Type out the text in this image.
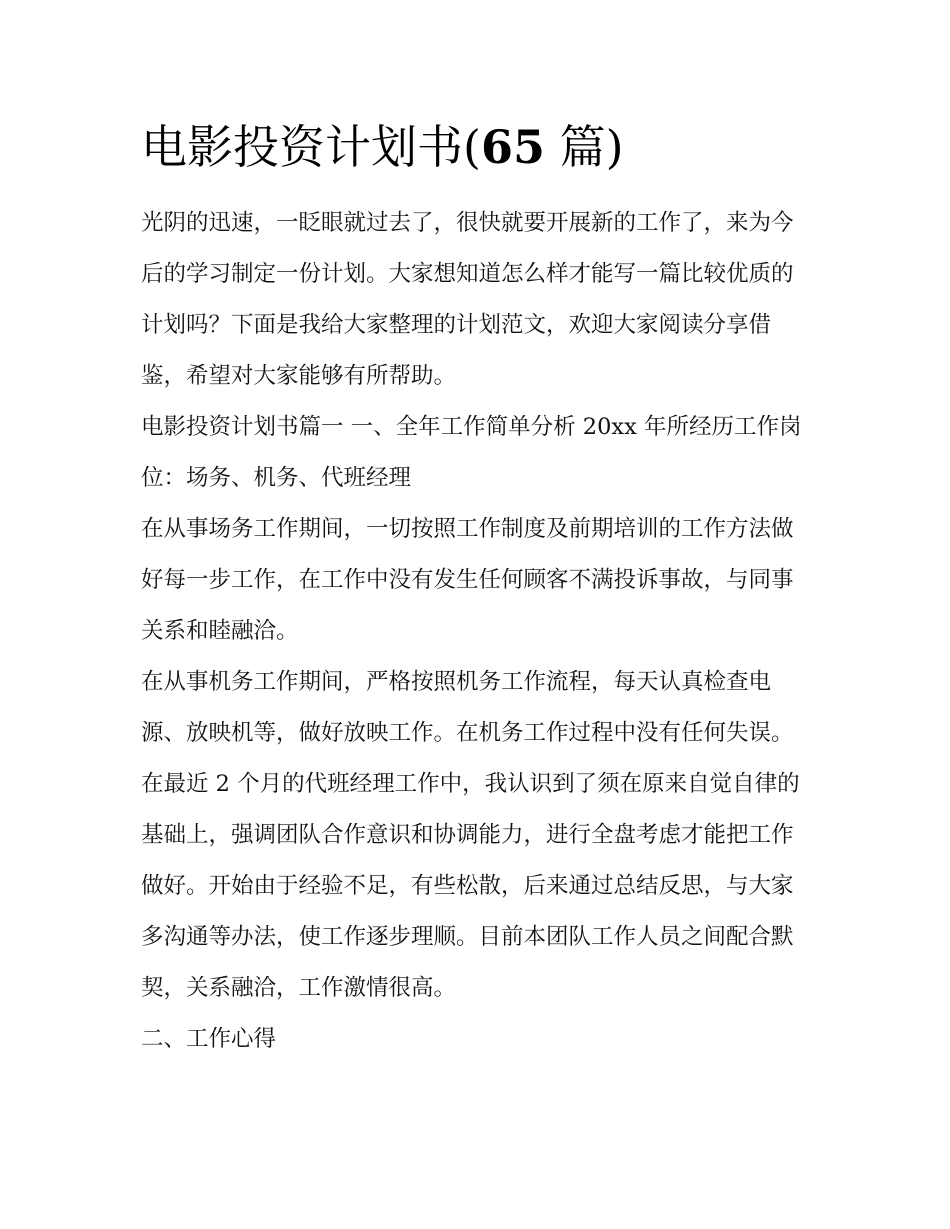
电影投资计划书(65 篇)

光阴的迅速，一眨眼就过去了，很快就要开展新的工作了，来为今后的学习制定一份计划。大家想知道怎么样才能写一篇比较优质的计划吗？下面是我给大家整理的计划范文，欢迎大家阅读分享借鉴，希望对大家能够有所帮助。

电影投资计划书篇一 一、全年工作简单分析 20xx 年所经历工作岗位：场务、机务、代班经理

在从事场务工作期间，一切按照工作制度及前期培训的工作方法做好每一步工作，在工作中没有发生任何顾客不满投诉事故，与同事关系和睦融洽。

在从事机务工作期间，严格按照机务工作流程，每天认真检查电源、放映机等，做好放映工作。在机务工作过程中没有任何失误。

在最近 2 个月的代班经理工作中，我认识到了须在原来自觉自律的基础上，强调团队合作意识和协调能力，进行全盘考虑才能把工作做好。开始由于经验不足，有些松散，后来通过总结反思，与大家多沟通等办法，使工作逐步理顺。目前本团队工作人员之间配合默契，关系融洽，工作激情很高。

二、工作心得
